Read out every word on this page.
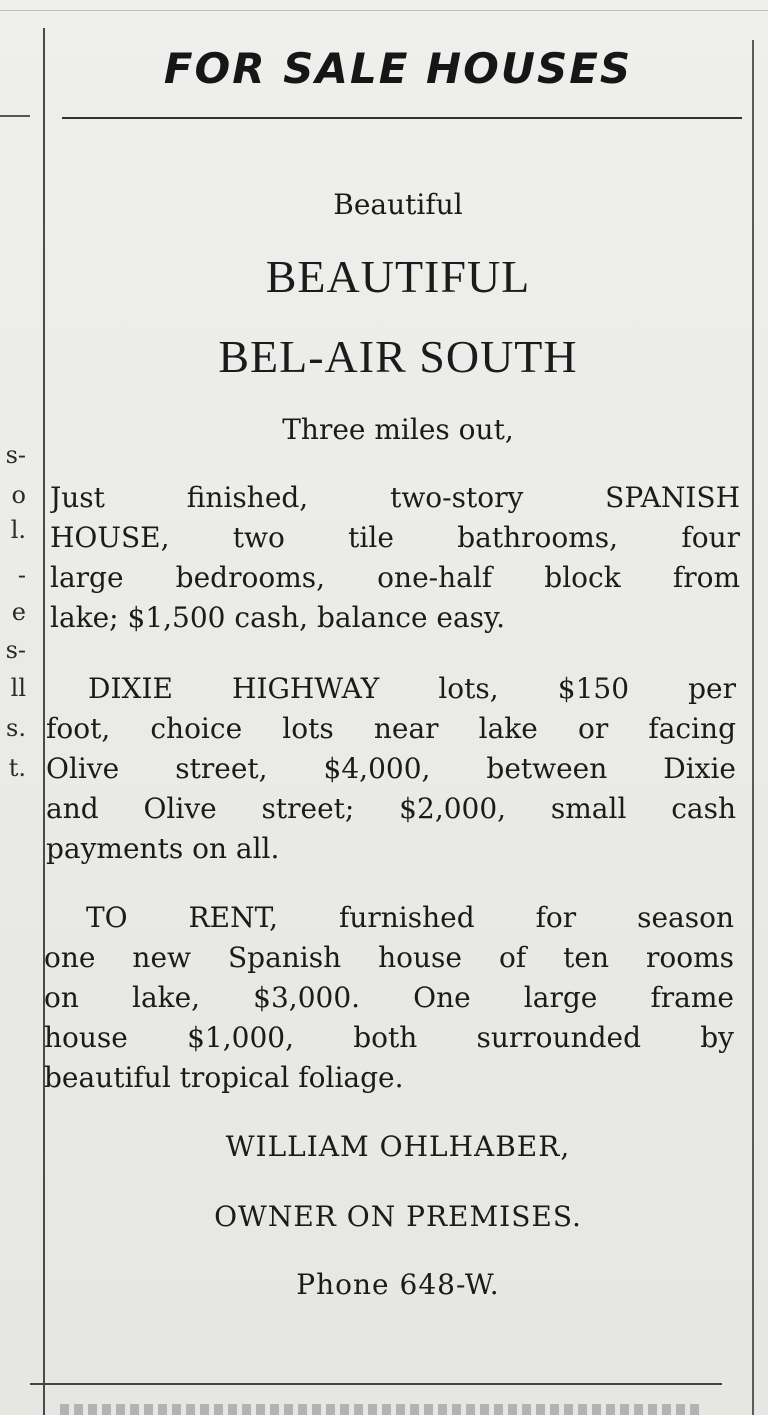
s-
o
l.
-
e
s-
ll
s.
t.
FOR SALE HOUSES
Beautiful
BEAUTIFUL
BEL-AIR SOUTH
Three miles out,
Just finished, two-story SPANISH
HOUSE, two tile bathrooms, four
large bedrooms, one-half block from
lake; $1,500 cash, balance easy.
DIXIE HIGHWAY lots, $150 per
foot, choice lots near lake or facing
Olive street, $4,000, between Dixie
and Olive street; $2,000, small cash
payments on all.
TO RENT, furnished for season
one new Spanish house of ten rooms
on lake, $3,000. One large frame
house $1,000, both surrounded by
beautiful tropical foliage.
WILLIAM OHLHABER,
OWNER ON PREMISES.
Phone 648-W.
